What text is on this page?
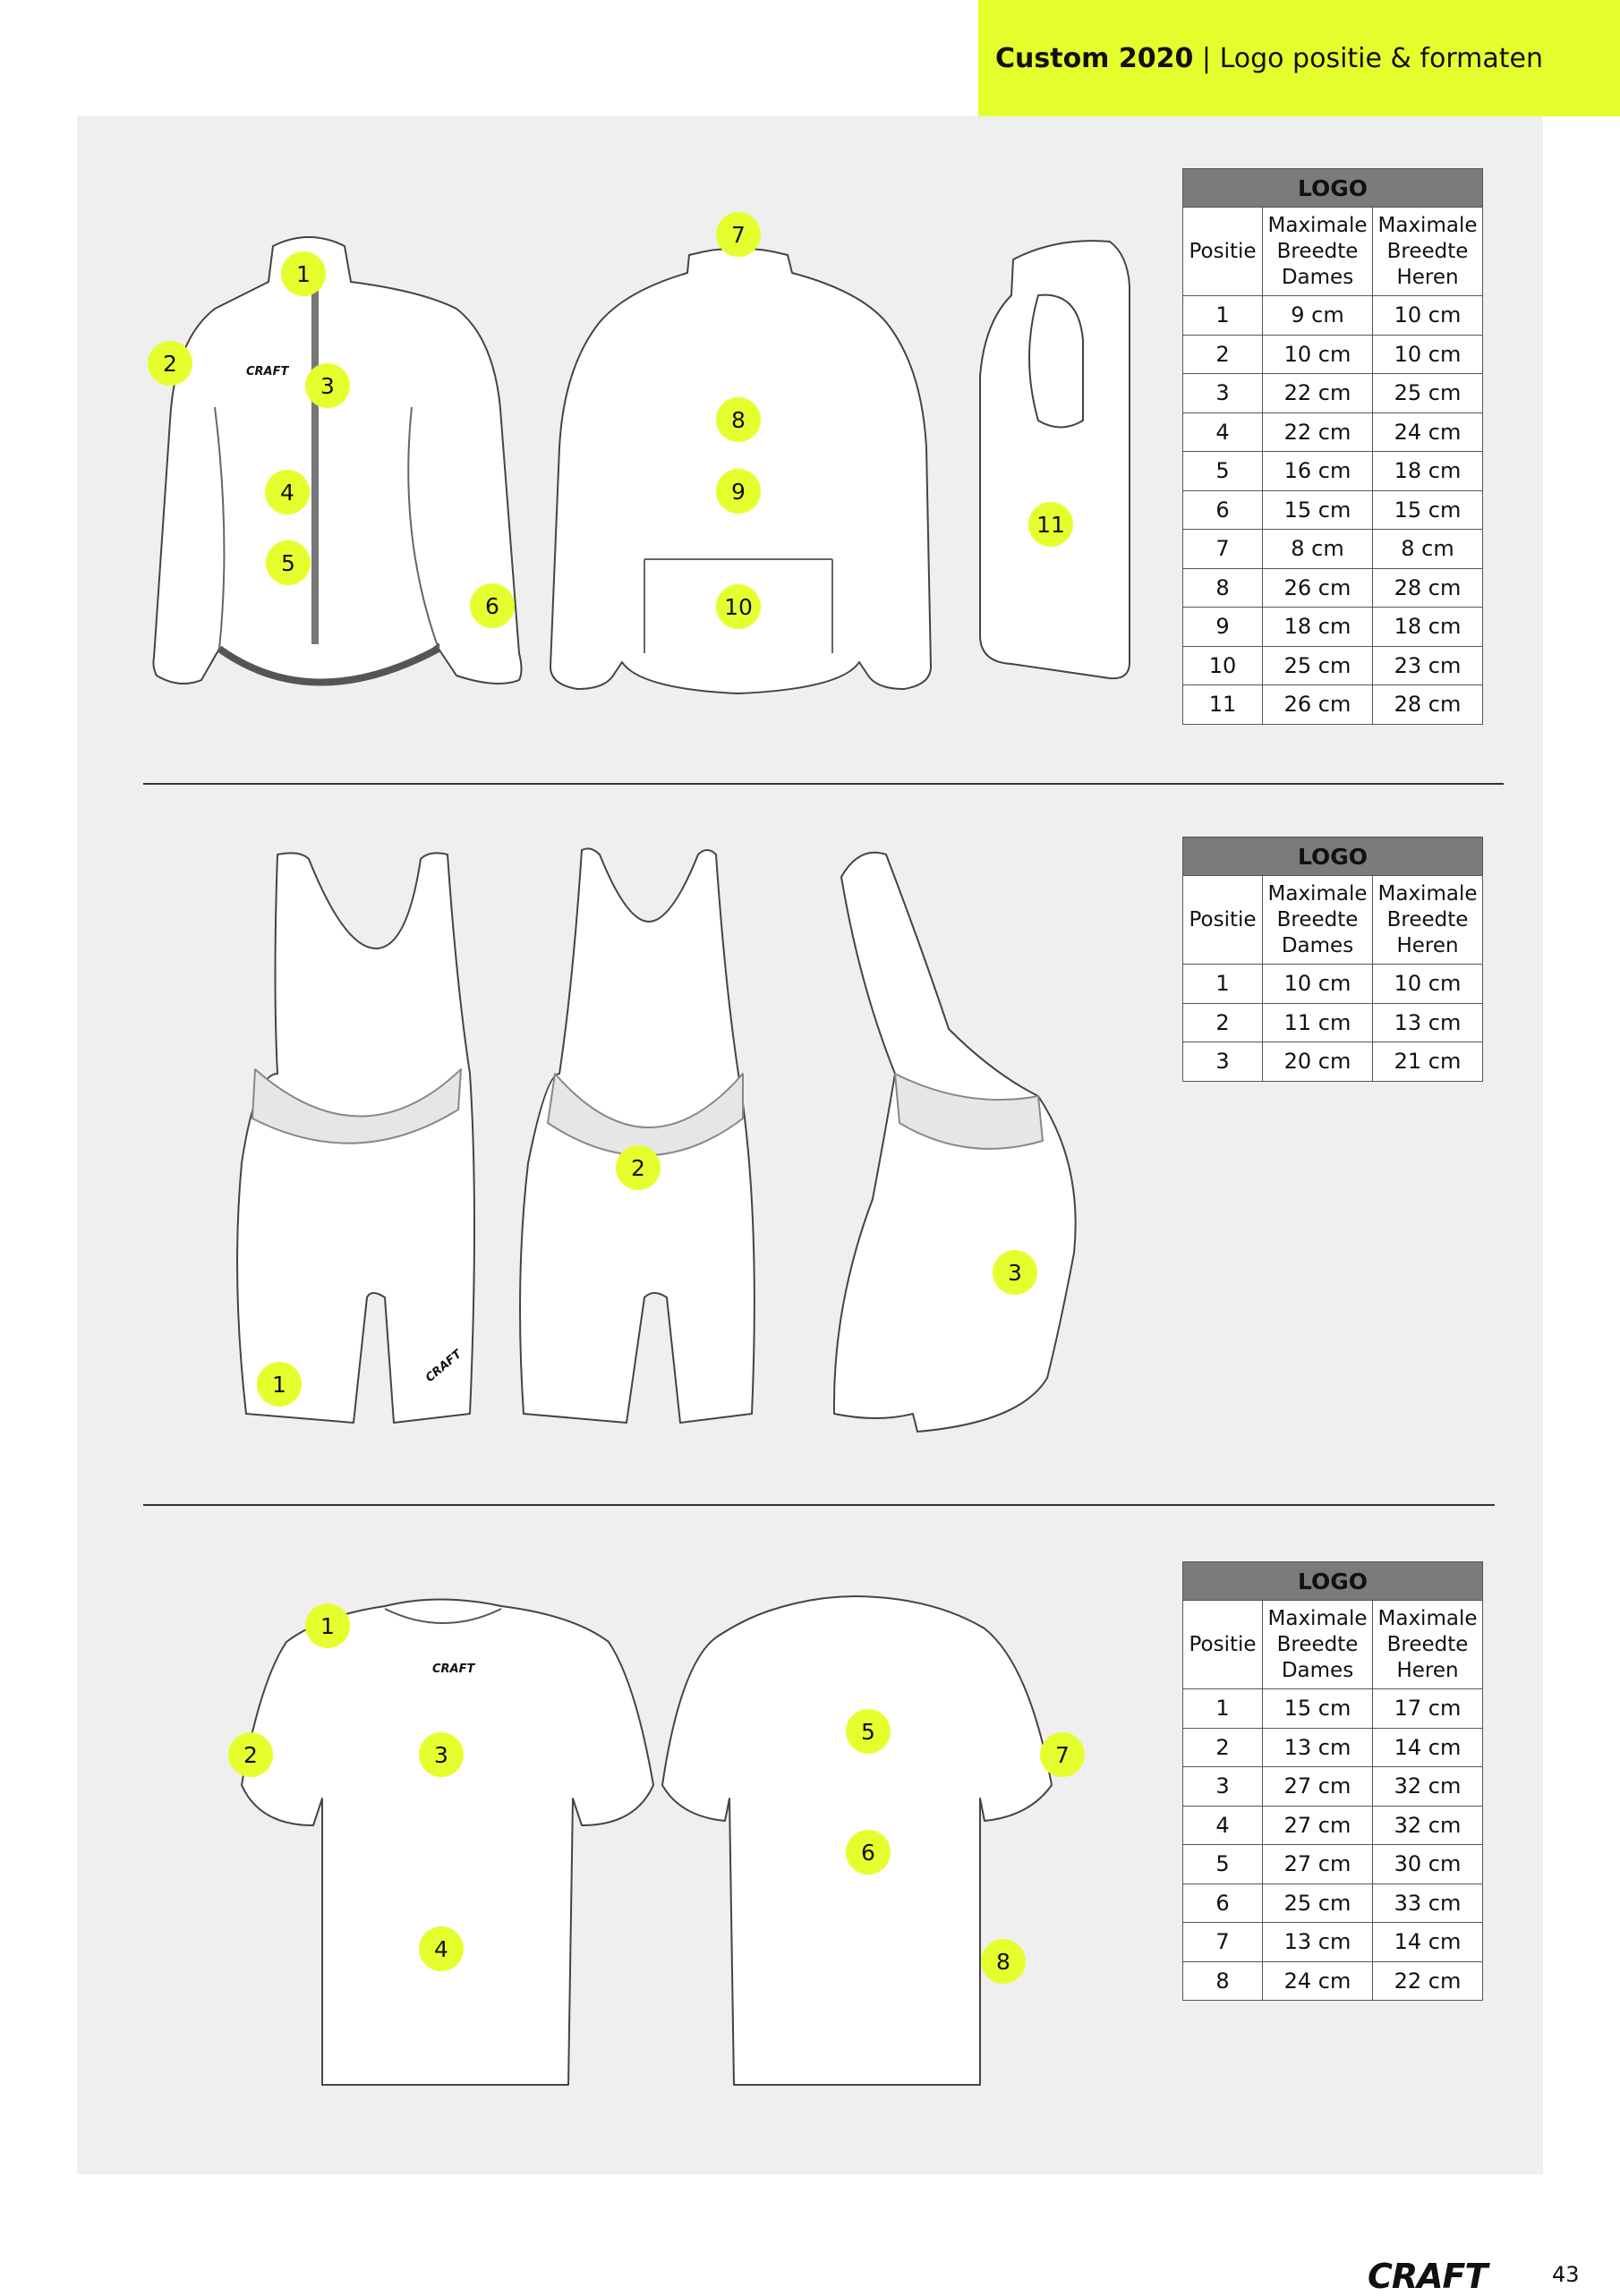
Custom 2020 | Logo positie & formaten
CRAFT
CRAFT
CRAFT
LOGO		
Positie	Maximale Breedte Dames	Maximale Breedte Heren
1	9 cm	10 cm
2	10 cm	10 cm
3	22 cm	25 cm
4	22 cm	24 cm
5	16 cm	18 cm
6	15 cm	15 cm
7	8 cm	8 cm
8	26 cm	28 cm
9	18 cm	18 cm
10	25 cm	23 cm
11	26 cm	28 cm
LOGO		
Positie	Maximale Breedte Dames	Maximale Breedte Heren
1	10 cm	10 cm
2	11 cm	13 cm
3	20 cm	21 cm
LOGO		
Positie	Maximale Breedte Dames	Maximale Breedte Heren
1	15 cm	17 cm
2	13 cm	14 cm
3	27 cm	32 cm
4	27 cm	32 cm
5	27 cm	30 cm
6	25 cm	33 cm
7	13 cm	14 cm
8	24 cm	22 cm
1
2
3
4
5
6
7
8
9
10
11
1
2
3
1
2	3
4
5
6
7
8
CRAFT	43
